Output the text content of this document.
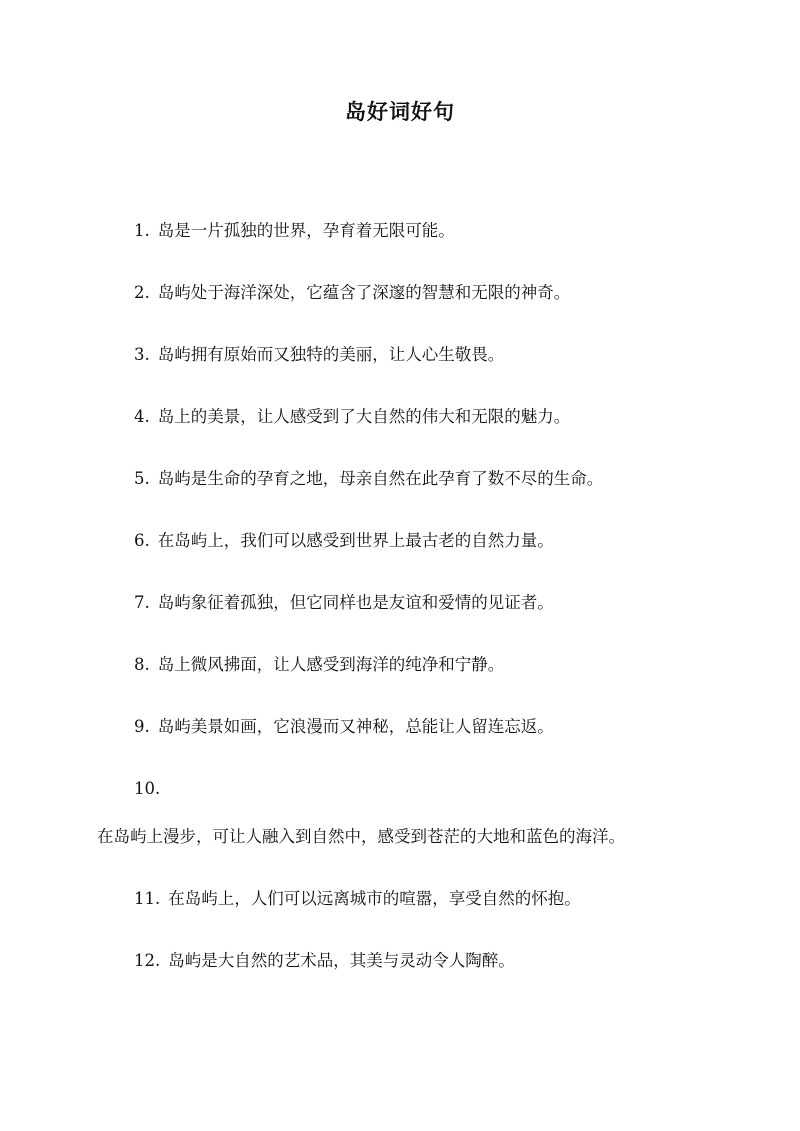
岛好词好句
1. 岛是一片孤独的世界，孕育着无限可能。
2. 岛屿处于海洋深处，它蕴含了深邃的智慧和无限的神奇。
3. 岛屿拥有原始而又独特的美丽，让人心生敬畏。
4. 岛上的美景，让人感受到了大自然的伟大和无限的魅力。
5. 岛屿是生命的孕育之地，母亲自然在此孕育了数不尽的生命。
6. 在岛屿上，我们可以感受到世界上最古老的自然力量。
7. 岛屿象征着孤独，但它同样也是友谊和爱情的见证者。
8. 岛上微风拂面，让人感受到海洋的纯净和宁静。
9. 岛屿美景如画，它浪漫而又神秘，总能让人留连忘返。
10.
在岛屿上漫步，可让人融入到自然中，感受到苍茫的大地和蓝色的海洋。
11. 在岛屿上，人们可以远离城市的喧嚣，享受自然的怀抱。
12. 岛屿是大自然的艺术品，其美与灵动令人陶醉。
